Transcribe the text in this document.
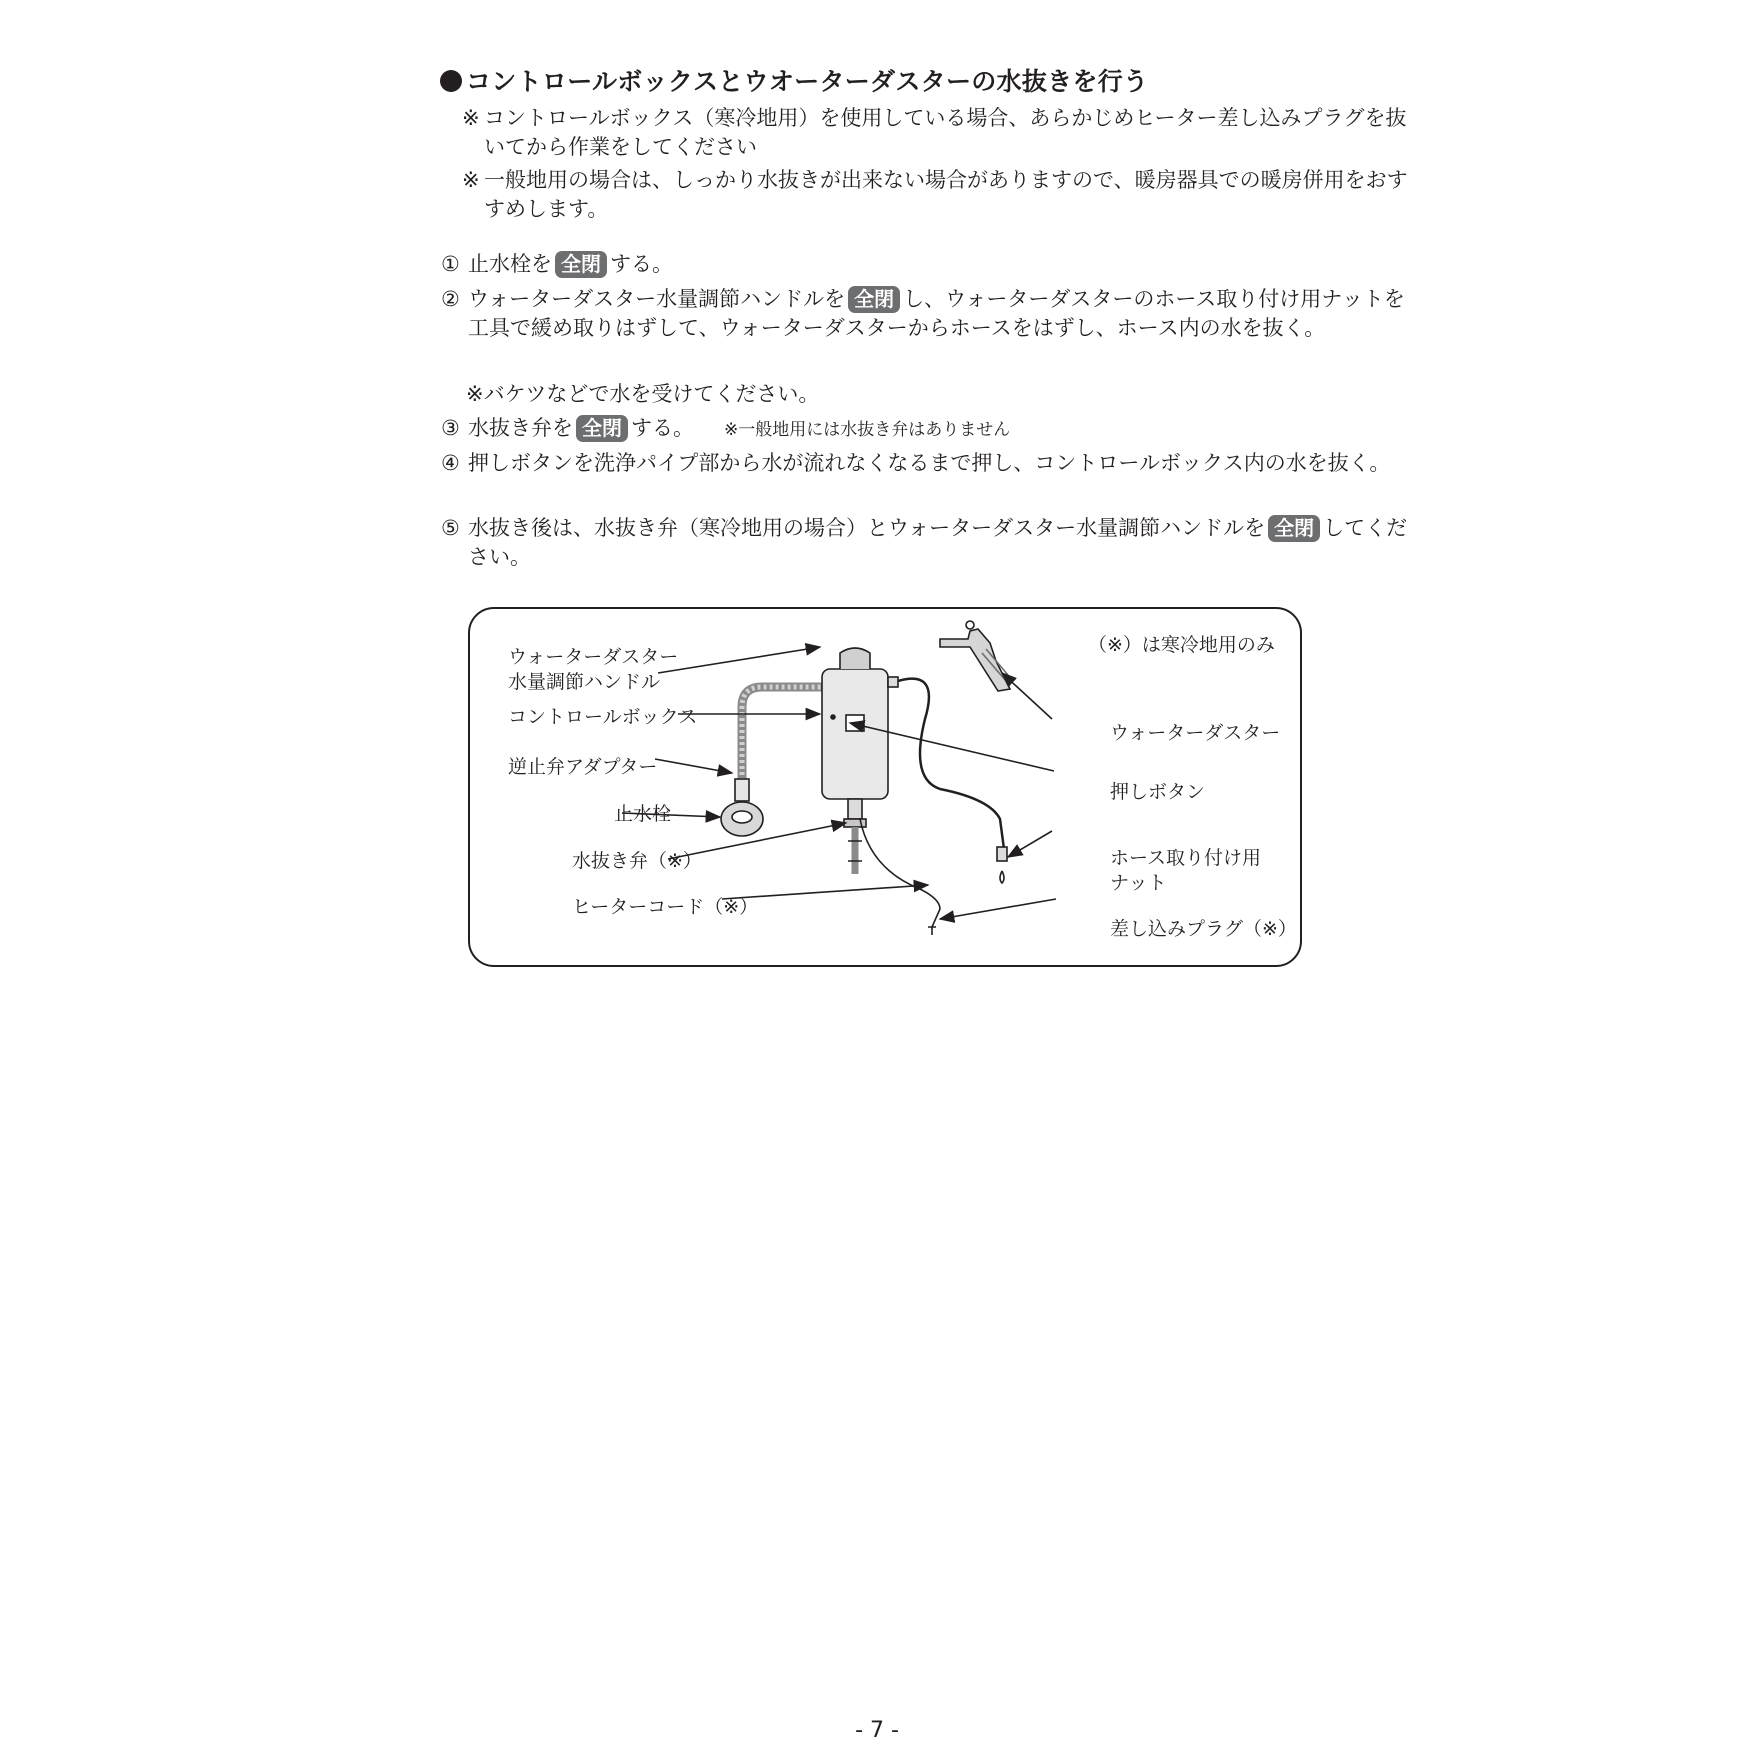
コントロールボックスとウオーターダスターの水抜きを行う
※ コントロールボックス（寒冷地用）を使用している場合、あらかじめヒーター差し込みプラグを抜いてから作業をしてください
※ 一般地用の場合は、しっかり水抜きが出来ない場合がありますので、暖房器具での暖房併用をおすすめします。
① 止水栓を 全閉 する。
② ウォーターダスター水量調節ハンドルを 全閉 し、ウォーターダスターのホース取り付け用ナットを工具で緩め取りはずして、ウォーターダスターからホースをはずし、ホース内の水を抜く。
※バケツなどで水を受けてください。
③ 水抜き弁を 全閉 する。 ※一般地用には水抜き弁はありません
④ 押しボタンを洗浄パイプ部から水が流れなくなるまで押し、コントロールボックス内の水を抜く。
⑤ 水抜き後は、水抜き弁（寒冷地用の場合）とウォーターダスター水量調節ハンドルを 全閉 してください。
ウォーターダスター
水量調節ハンドル
コントロールボックス
逆止弁アダプター
止水栓
水抜き弁（※）
ヒーターコード（※）
（※）は寒冷地用のみ
ウォーターダスター
押しボタン
ホース取り付け用
ナット
差し込みプラグ（※）
- 7 -
